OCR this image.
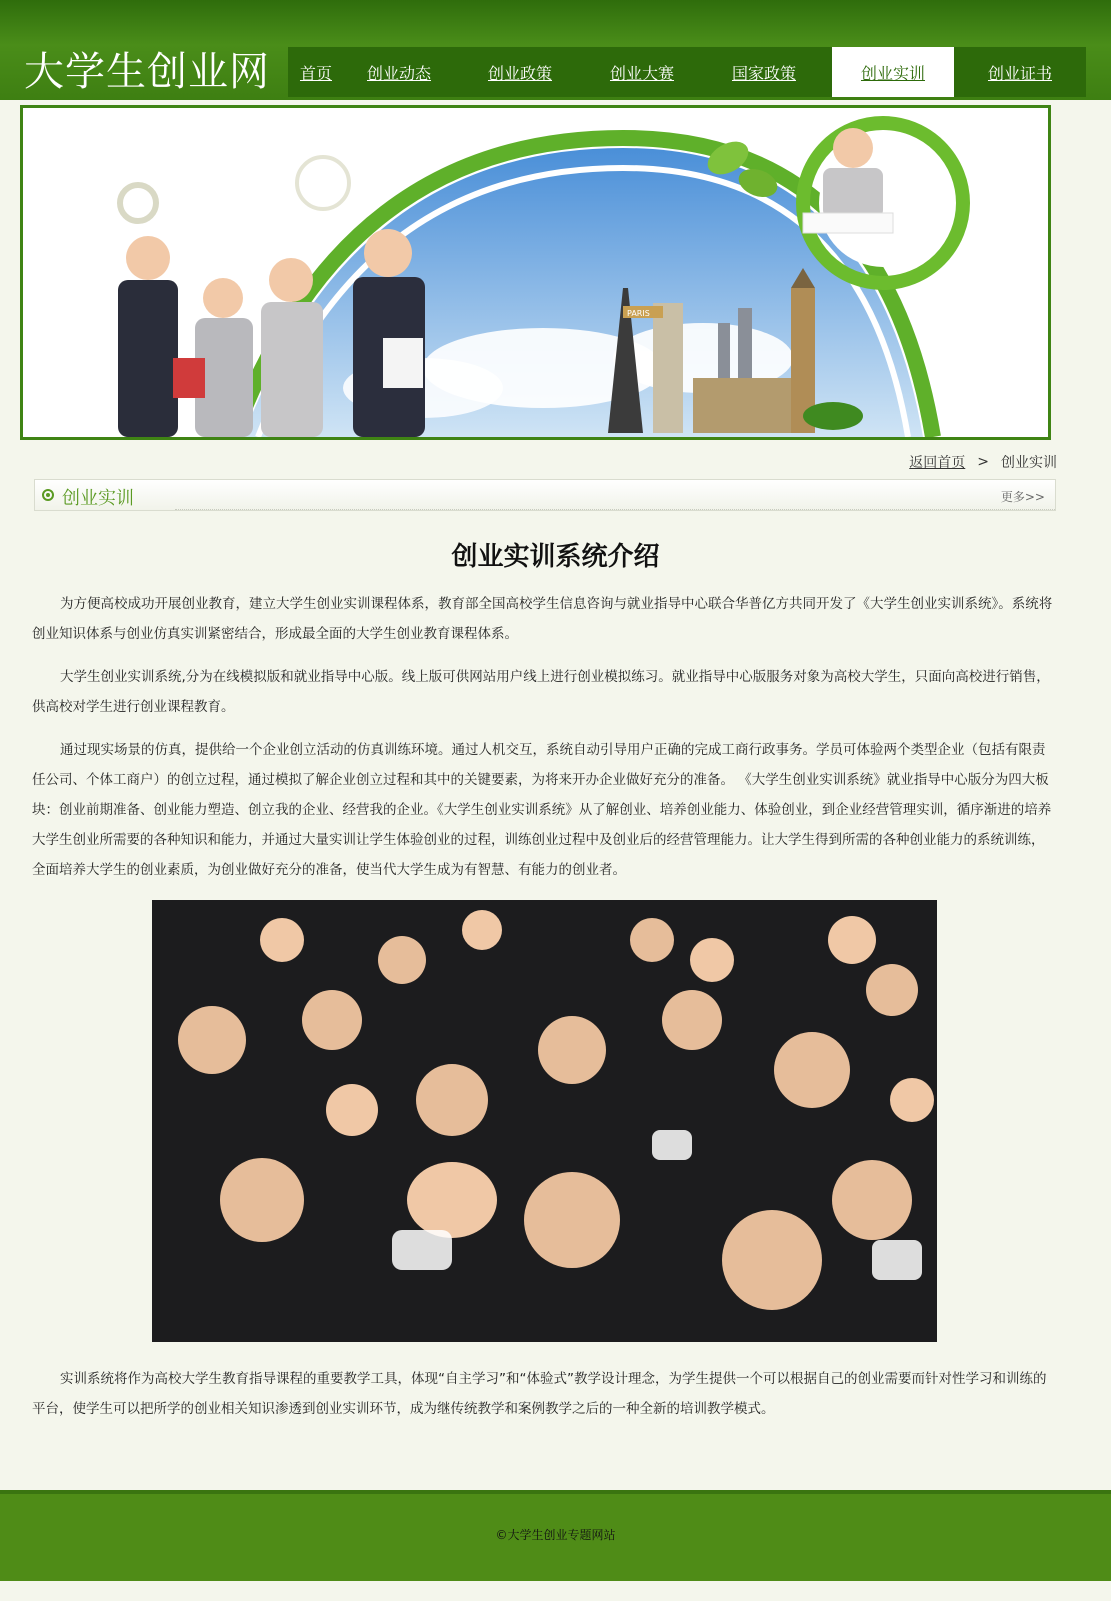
大学生创业网	首页	创业动态	创业政策	创业大赛	国家政策	创业实训	创业证书
PARIS
返回首页 > 创业实训
创业实训	更多>>
创业实训系统介绍

为方便高校成功开展创业教育，建立大学生创业实训课程体系，教育部全国高校学生信息咨询与就业指导中心联合华普亿方共同开发了《大学生创业实训系统》。系统将创业知识体系与创业仿真实训紧密结合，形成最全面的大学生创业教育课程体系。

大学生创业实训系统,分为在线模拟版和就业指导中心版。线上版可供网站用户线上进行创业模拟练习。就业指导中心版服务对象为高校大学生，只面向高校进行销售，供高校对学生进行创业课程教育。

通过现实场景的仿真，提供给一个企业创立活动的仿真训练环境。通过人机交互，系统自动引导用户正确的完成工商行政事务。学员可体验两个类型企业（包括有限责任公司、个体工商户）的创立过程，通过模拟了解企业创立过程和其中的关键要素，为将来开办企业做好充分的准备。 《大学生创业实训系统》就业指导中心版分为四大板块：创业前期准备、创业能力塑造、创立我的企业、经营我的企业。《大学生创业实训系统》从了解创业、培养创业能力、体验创业，到企业经营管理实训，循序渐进的培养大学生创业所需要的各种知识和能力，并通过大量实训让学生体验创业的过程，训练创业过程中及创业后的经营管理能力。让大学生得到所需的各种创业能力的系统训练，全面培养大学生的创业素质，为创业做好充分的准备，使当代大学生成为有智慧、有能力的创业者。

实训系统将作为高校大学生教育指导课程的重要教学工具，体现“自主学习”和“体验式”教学设计理念，为学生提供一个可以根据自己的创业需要而针对性学习和训练的平台，使学生可以把所学的创业相关知识渗透到创业实训环节，成为继传统教学和案例教学之后的一种全新的培训教学模式。

©大学生创业专题网站
